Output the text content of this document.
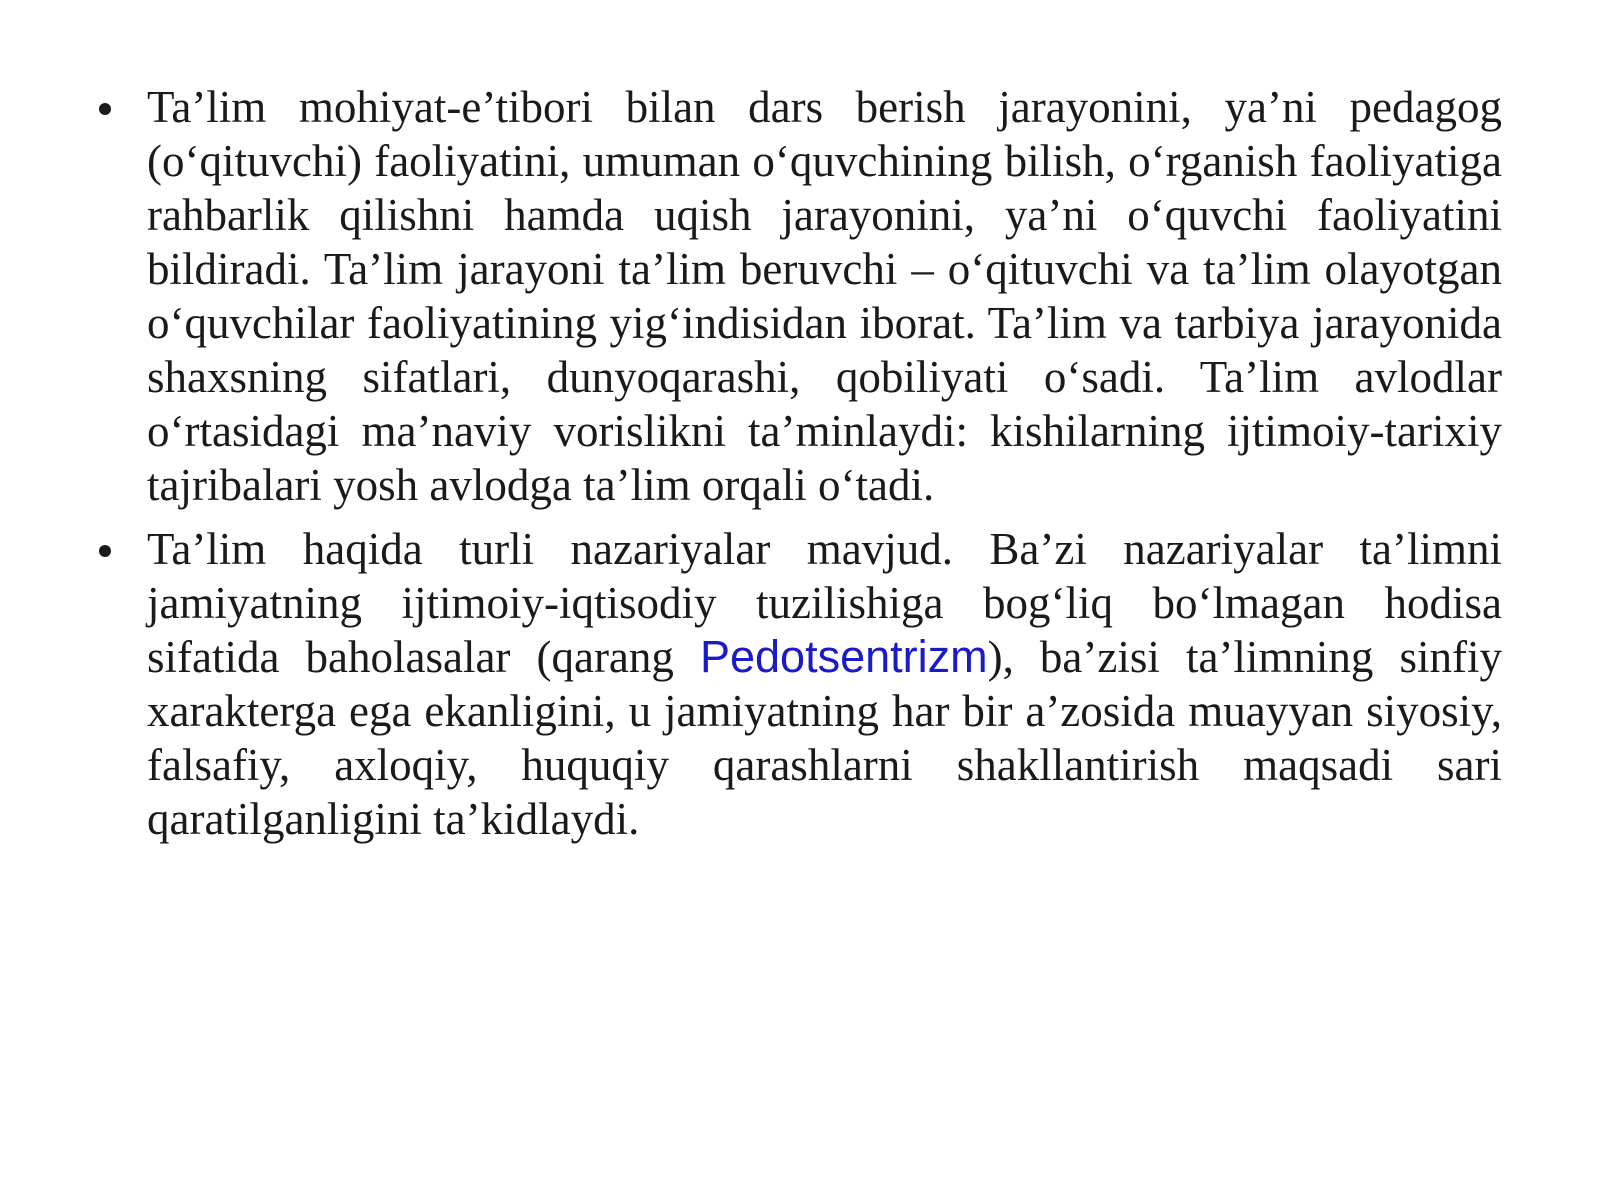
Ta’lim mohiyat-e’tibori bilan dars berish jarayonini, ya’ni pedagog (o‘qituvchi) faoliyatini, umuman o‘quvchining bilish, o‘rganish faoliyatiga rahbarlik qilishni hamda uqish jarayonini, ya’ni o‘quvchi faoliyatini bildiradi. Ta’lim jarayoni ta’lim beruvchi – o‘qituvchi va ta’lim olayotgan o‘quvchilar faoliyatining yig‘indisidan iborat. Ta’lim va tarbiya jarayonida shaxsning sifatlari, dunyoqarashi, qobiliyati o‘sadi. Ta’lim avlodlar o‘rtasidagi ma’naviy vorislikni ta’minlaydi: kishilarning ijtimoiy-tarixiy tajribalari yosh avlodga ta’lim orqali o‘tadi.
Ta’lim haqida turli nazariyalar mavjud. Ba’zi nazariyalar ta’limni jamiyatning ijtimoiy-iqtisodiy tuzilishiga bog‘liq bo‘lmagan hodisa sifatida baholasalar (qarang Pedotsentrizm), ba’zisi ta’limning sinfiy xarakterga ega ekanligini, u jamiyatning har bir a’zosida muayyan siyosiy, falsafiy, axloqiy, huquqiy qarashlarni shakllantirish maqsadi sari qaratilganligini ta’kidlaydi.
